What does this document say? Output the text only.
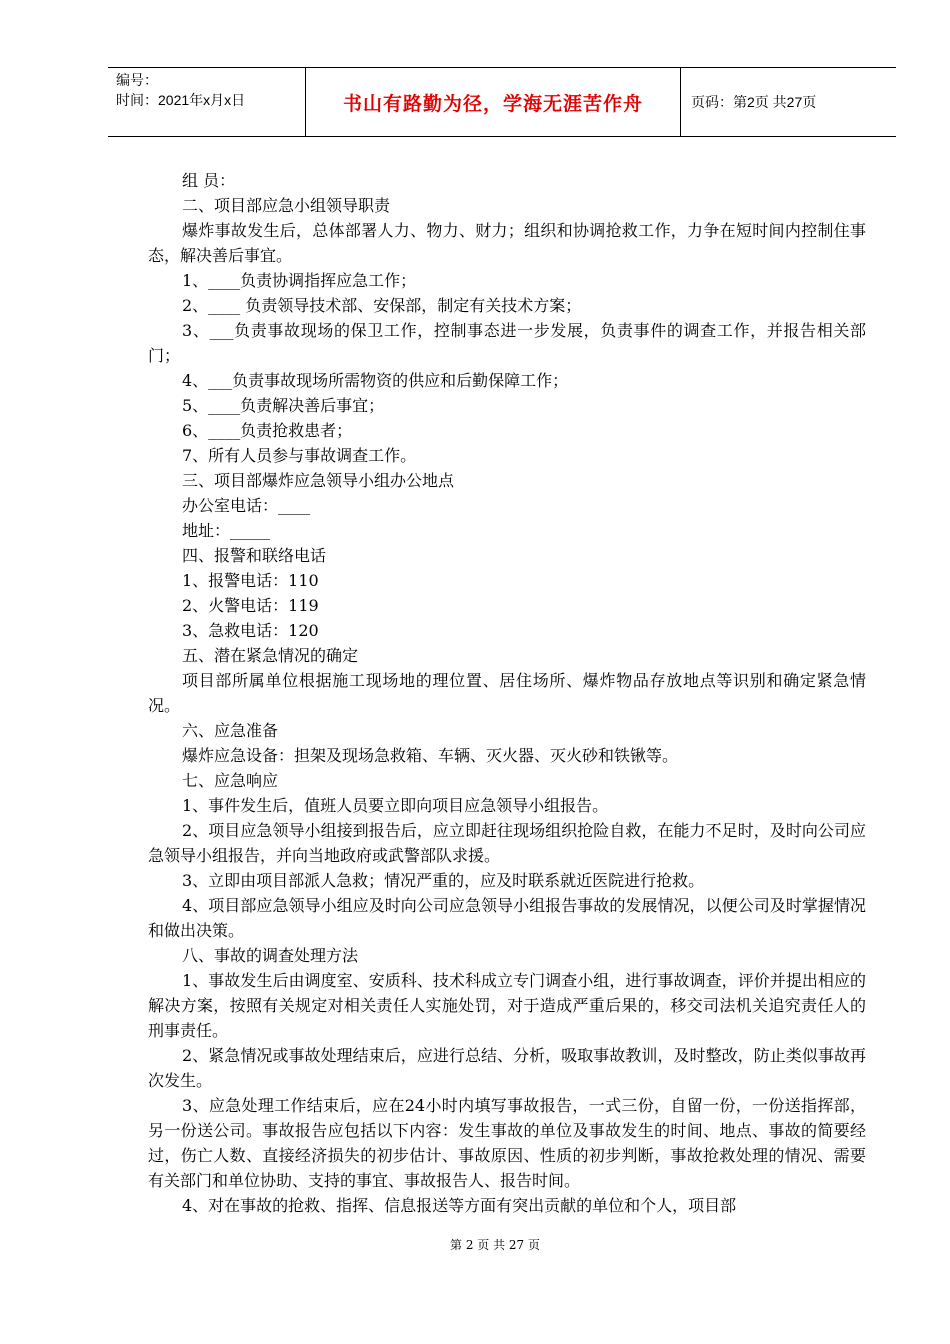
编号：
时间：2021年x月x日	书山有路勤为径，学海无涯苦作舟	页码：第2页 共27页

组 员：

二、项目部应急小组领导职责

爆炸事故发生后，总体部署人力、物力、财力；组织和协调抢救工作，力争在短时间内控制住事态，解决善后事宜。

1、____负责协调指挥应急工作；

2、____ 负责领导技术部、安保部，制定有关技术方案；

3、___负责事故现场的保卫工作，控制事态进一步发展，负责事件的调查工作，并报告相关部门；

4、___负责事故现场所需物资的供应和后勤保障工作；

5、____负责解决善后事宜；

6、____负责抢救患者；

7、所有人员参与事故调查工作。

三、项目部爆炸应急领导小组办公地点

办公室电话：____

地址：_____

四、报警和联络电话

1、报警电话：110

2、火警电话：119

3、急救电话：120

五、潜在紧急情况的确定

项目部所属单位根据施工现场地的理位置、居住场所、爆炸物品存放地点等识别和确定紧急情况。

六、应急准备

爆炸应急设备：担架及现场急救箱、车辆、灭火器、灭火砂和铁锹等。

七、应急响应

1、事件发生后，值班人员要立即向项目应急领导小组报告。

2、项目应急领导小组接到报告后，应立即赶往现场组织抢险自救，在能力不足时，及时向公司应急领导小组报告，并向当地政府或武警部队求援。

3、立即由项目部派人急救；情况严重的，应及时联系就近医院进行抢救。

4、项目部应急领导小组应及时向公司应急领导小组报告事故的发展情况，以便公司及时掌握情况和做出决策。

八、事故的调查处理方法

1、事故发生后由调度室、安质科、技术科成立专门调查小组，进行事故调查，评价并提出相应的解决方案，按照有关规定对相关责任人实施处罚，对于造成严重后果的，移交司法机关追究责任人的刑事责任。

2、紧急情况或事故处理结束后，应进行总结、分析，吸取事故教训，及时整改，防止类似事故再次发生。

3、应急处理工作结束后，应在24小时内填写事故报告，一式三份，自留一份，一份送指挥部，另一份送公司。事故报告应包括以下内容：发生事故的单位及事故发生的时间、地点、事故的简要经过，伤亡人数、直接经济损失的初步估计、事故原因、性质的初步判断，事故抢救处理的情况、需要有关部门和单位协助、支持的事宜、事故报告人、报告时间。

4、对在事故的抢救、指挥、信息报送等方面有突出贡献的单位和个人，项目部

第 2 页 共 27 页
